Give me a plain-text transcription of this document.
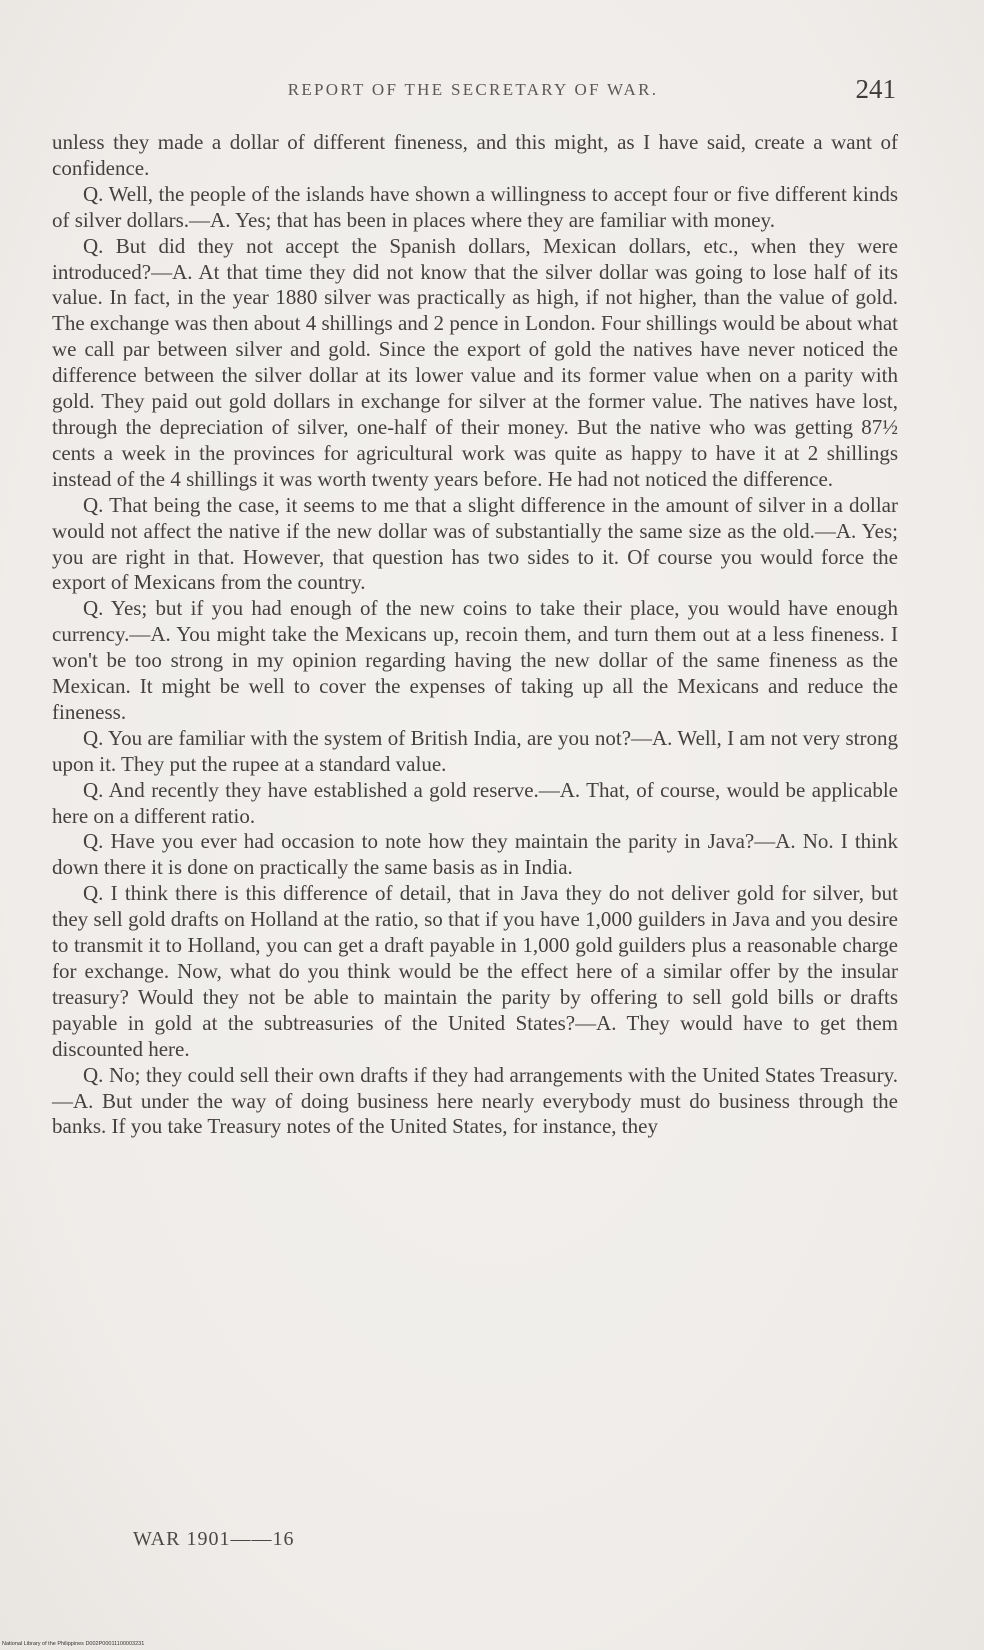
REPORT OF THE SECRETARY OF WAR.	241

unless they made a dollar of different fineness, and this might, as I have said, create a want of confidence.

Q. Well, the people of the islands have shown a willingness to accept four or five different kinds of silver dollars.—A. Yes; that has been in places where they are familiar with money.

Q. But did they not accept the Spanish dollars, Mexican dollars, etc., when they were introduced?—A. At that time they did not know that the silver dollar was going to lose half of its value. In fact, in the year 1880 silver was practically as high, if not higher, than the value of gold. The exchange was then about 4 shillings and 2 pence in London. Four shillings would be about what we call par between silver and gold. Since the export of gold the natives have never noticed the difference between the silver dollar at its lower value and its former value when on a parity with gold. They paid out gold dollars in exchange for silver at the former value. The natives have lost, through the depreciation of silver, one-half of their money. But the native who was getting 87½ cents a week in the provinces for agricultural work was quite as happy to have it at 2 shillings instead of the 4 shillings it was worth twenty years before. He had not noticed the difference.

Q. That being the case, it seems to me that a slight difference in the amount of silver in a dollar would not affect the native if the new dollar was of substantially the same size as the old.—A. Yes; you are right in that. However, that question has two sides to it. Of course you would force the export of Mexicans from the country.

Q. Yes; but if you had enough of the new coins to take their place, you would have enough currency.—A. You might take the Mexicans up, recoin them, and turn them out at a less fineness. I won't be too strong in my opinion regarding having the new dollar of the same fineness as the Mexican. It might be well to cover the expenses of taking up all the Mexicans and reduce the fineness.

Q. You are familiar with the system of British India, are you not?—A. Well, I am not very strong upon it. They put the rupee at a standard value.

Q. And recently they have established a gold reserve.—A. That, of course, would be applicable here on a different ratio.

Q. Have you ever had occasion to note how they maintain the parity in Java?—A. No. I think down there it is done on practically the same basis as in India.

Q. I think there is this difference of detail, that in Java they do not deliver gold for silver, but they sell gold drafts on Holland at the ratio, so that if you have 1,000 guilders in Java and you desire to transmit it to Holland, you can get a draft payable in 1,000 gold guilders plus a reasonable charge for exchange. Now, what do you think would be the effect here of a similar offer by the insular treasury? Would they not be able to maintain the parity by offering to sell gold bills or drafts payable in gold at the subtreasuries of the United States?—A. They would have to get them discounted here.

Q. No; they could sell their own drafts if they had arrangements with the United States Treasury.—A. But under the way of doing business here nearly everybody must do business through the banks. If you take Treasury notes of the United States, for instance, they

WAR 1901——16
National Library of the Philippines D002P00011100003231
